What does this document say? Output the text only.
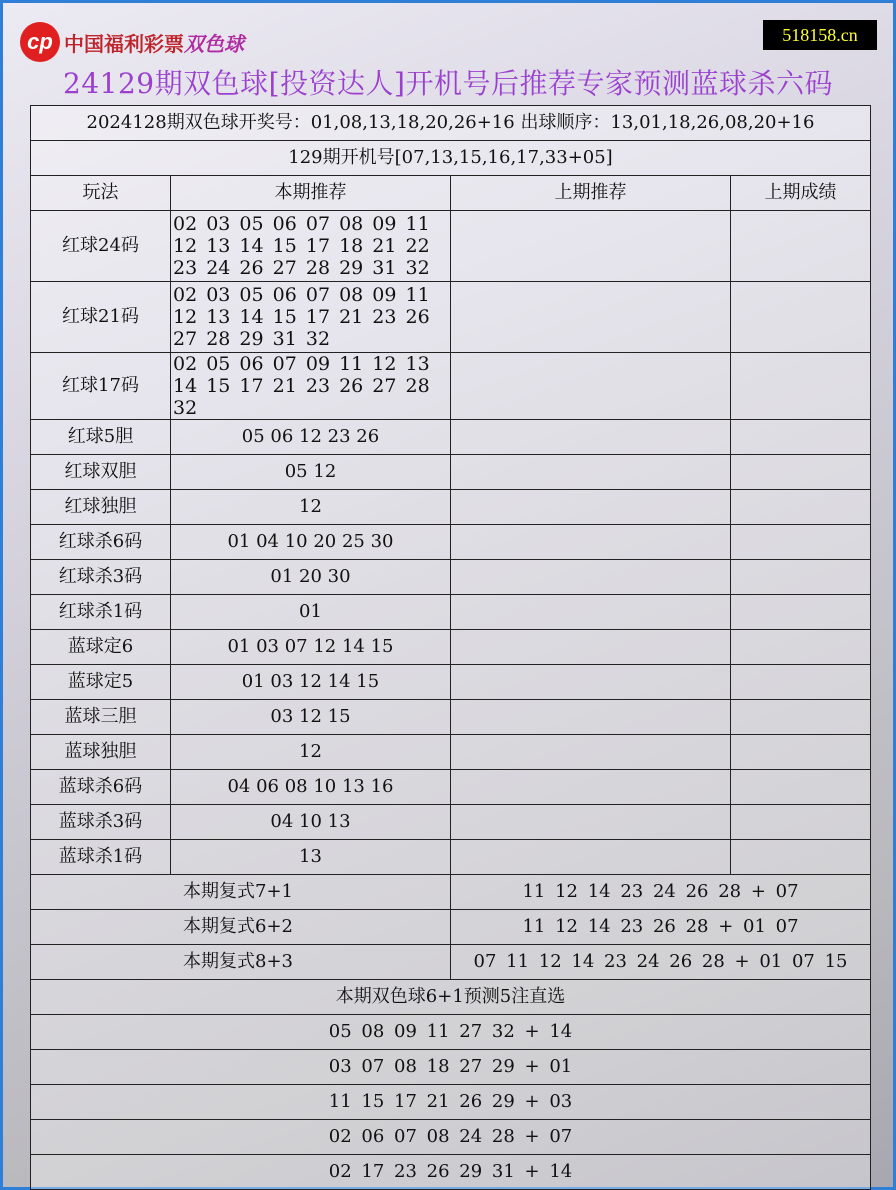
cp 中国福利彩票双色球	518158.cn
24129期双色球[投资达人]开机号后推荐专家预测蓝球杀六码
2024128期双色球开奖号：01,08,13,18,20,26+16 出球顺序：13,01,18,26,08,20+16			
129期开机号[07,13,15,16,17,33+05]			
玩法	本期推荐	上期推荐	上期成绩
红球24码	02 03 05 06 07 08 09 11 12 13 14 15 17 18 21 22 23 24 26 27 28 29 31 32		
红球21码	02 03 05 06 07 08 09 11 12 13 14 15 17 21 23 26 27 28 29 31 32		
红球17码	02 05 06 07 09 11 12 13 14 15 17 21 23 26 27 28 32		
红球5胆	05 06 12 23 26		
红球双胆	05 12		
红球独胆	12		
红球杀6码	01 04 10 20 25 30		
红球杀3码	01 20 30		
红球杀1码	01		
蓝球定6	01 03 07 12 14 15		
蓝球定5	01 03 12 14 15		
蓝球三胆	03 12 15		
蓝球独胆	12		
蓝球杀6码	04 06 08 10 13 16		
蓝球杀3码	04 10 13		
蓝球杀1码	13		
本期复式7+1		11 12 14 23 24 26 28 + 07	
本期复式6+2		11 12 14 23 26 28 + 01 07	
本期复式8+3		07 11 12 14 23 24 26 28 + 01 07 15	
本期双色球6+1预测5注直选			
05 08 09 11 27 32 + 14			
03 07 08 18 27 29 + 01			
11 15 17 21 26 29 + 03			
02 06 07 08 24 28 + 07			
02 17 23 26 29 31 + 14			
